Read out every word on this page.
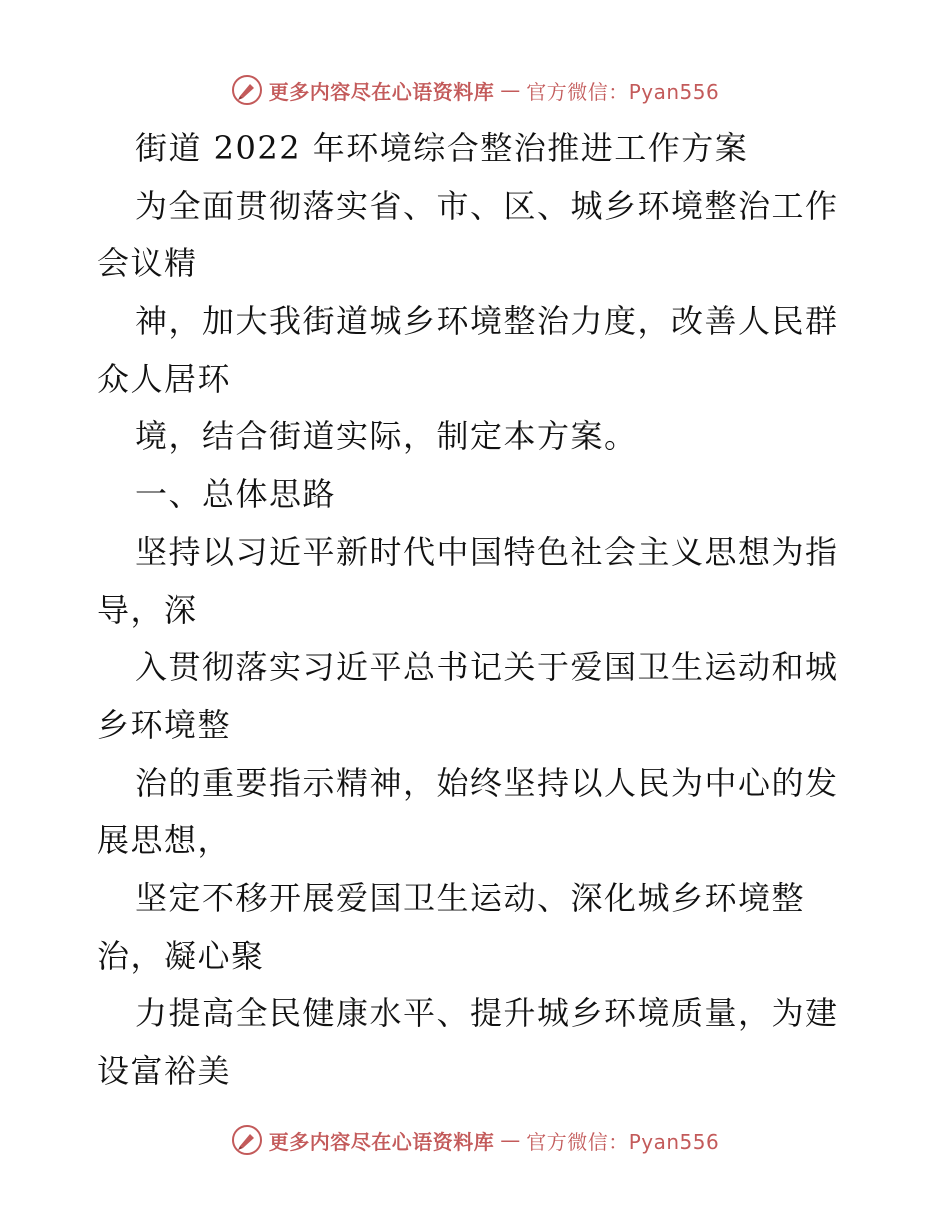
更多内容尽在心语资料库 — 官方微信：Pyan556
街道 2022 年环境综合整治推进工作方案
为全面贯彻落实省、市、区、城乡环境整治工作
会议精
神，加大我街道城乡环境整治力度，改善人民群
众人居环
境，结合街道实际，制定本方案。
一、总体思路
坚持以习近平新时代中国特色社会主义思想为指
导，深
入贯彻落实习近平总书记关于爱国卫生运动和城
乡环境整
治的重要指示精神，始终坚持以人民为中心的发
展思想，
坚定不移开展爱国卫生运动、深化城乡环境整
治，凝心聚
力提高全民健康水平、提升城乡环境质量，为建
设富裕美
更多内容尽在心语资料库 — 官方微信：Pyan556
